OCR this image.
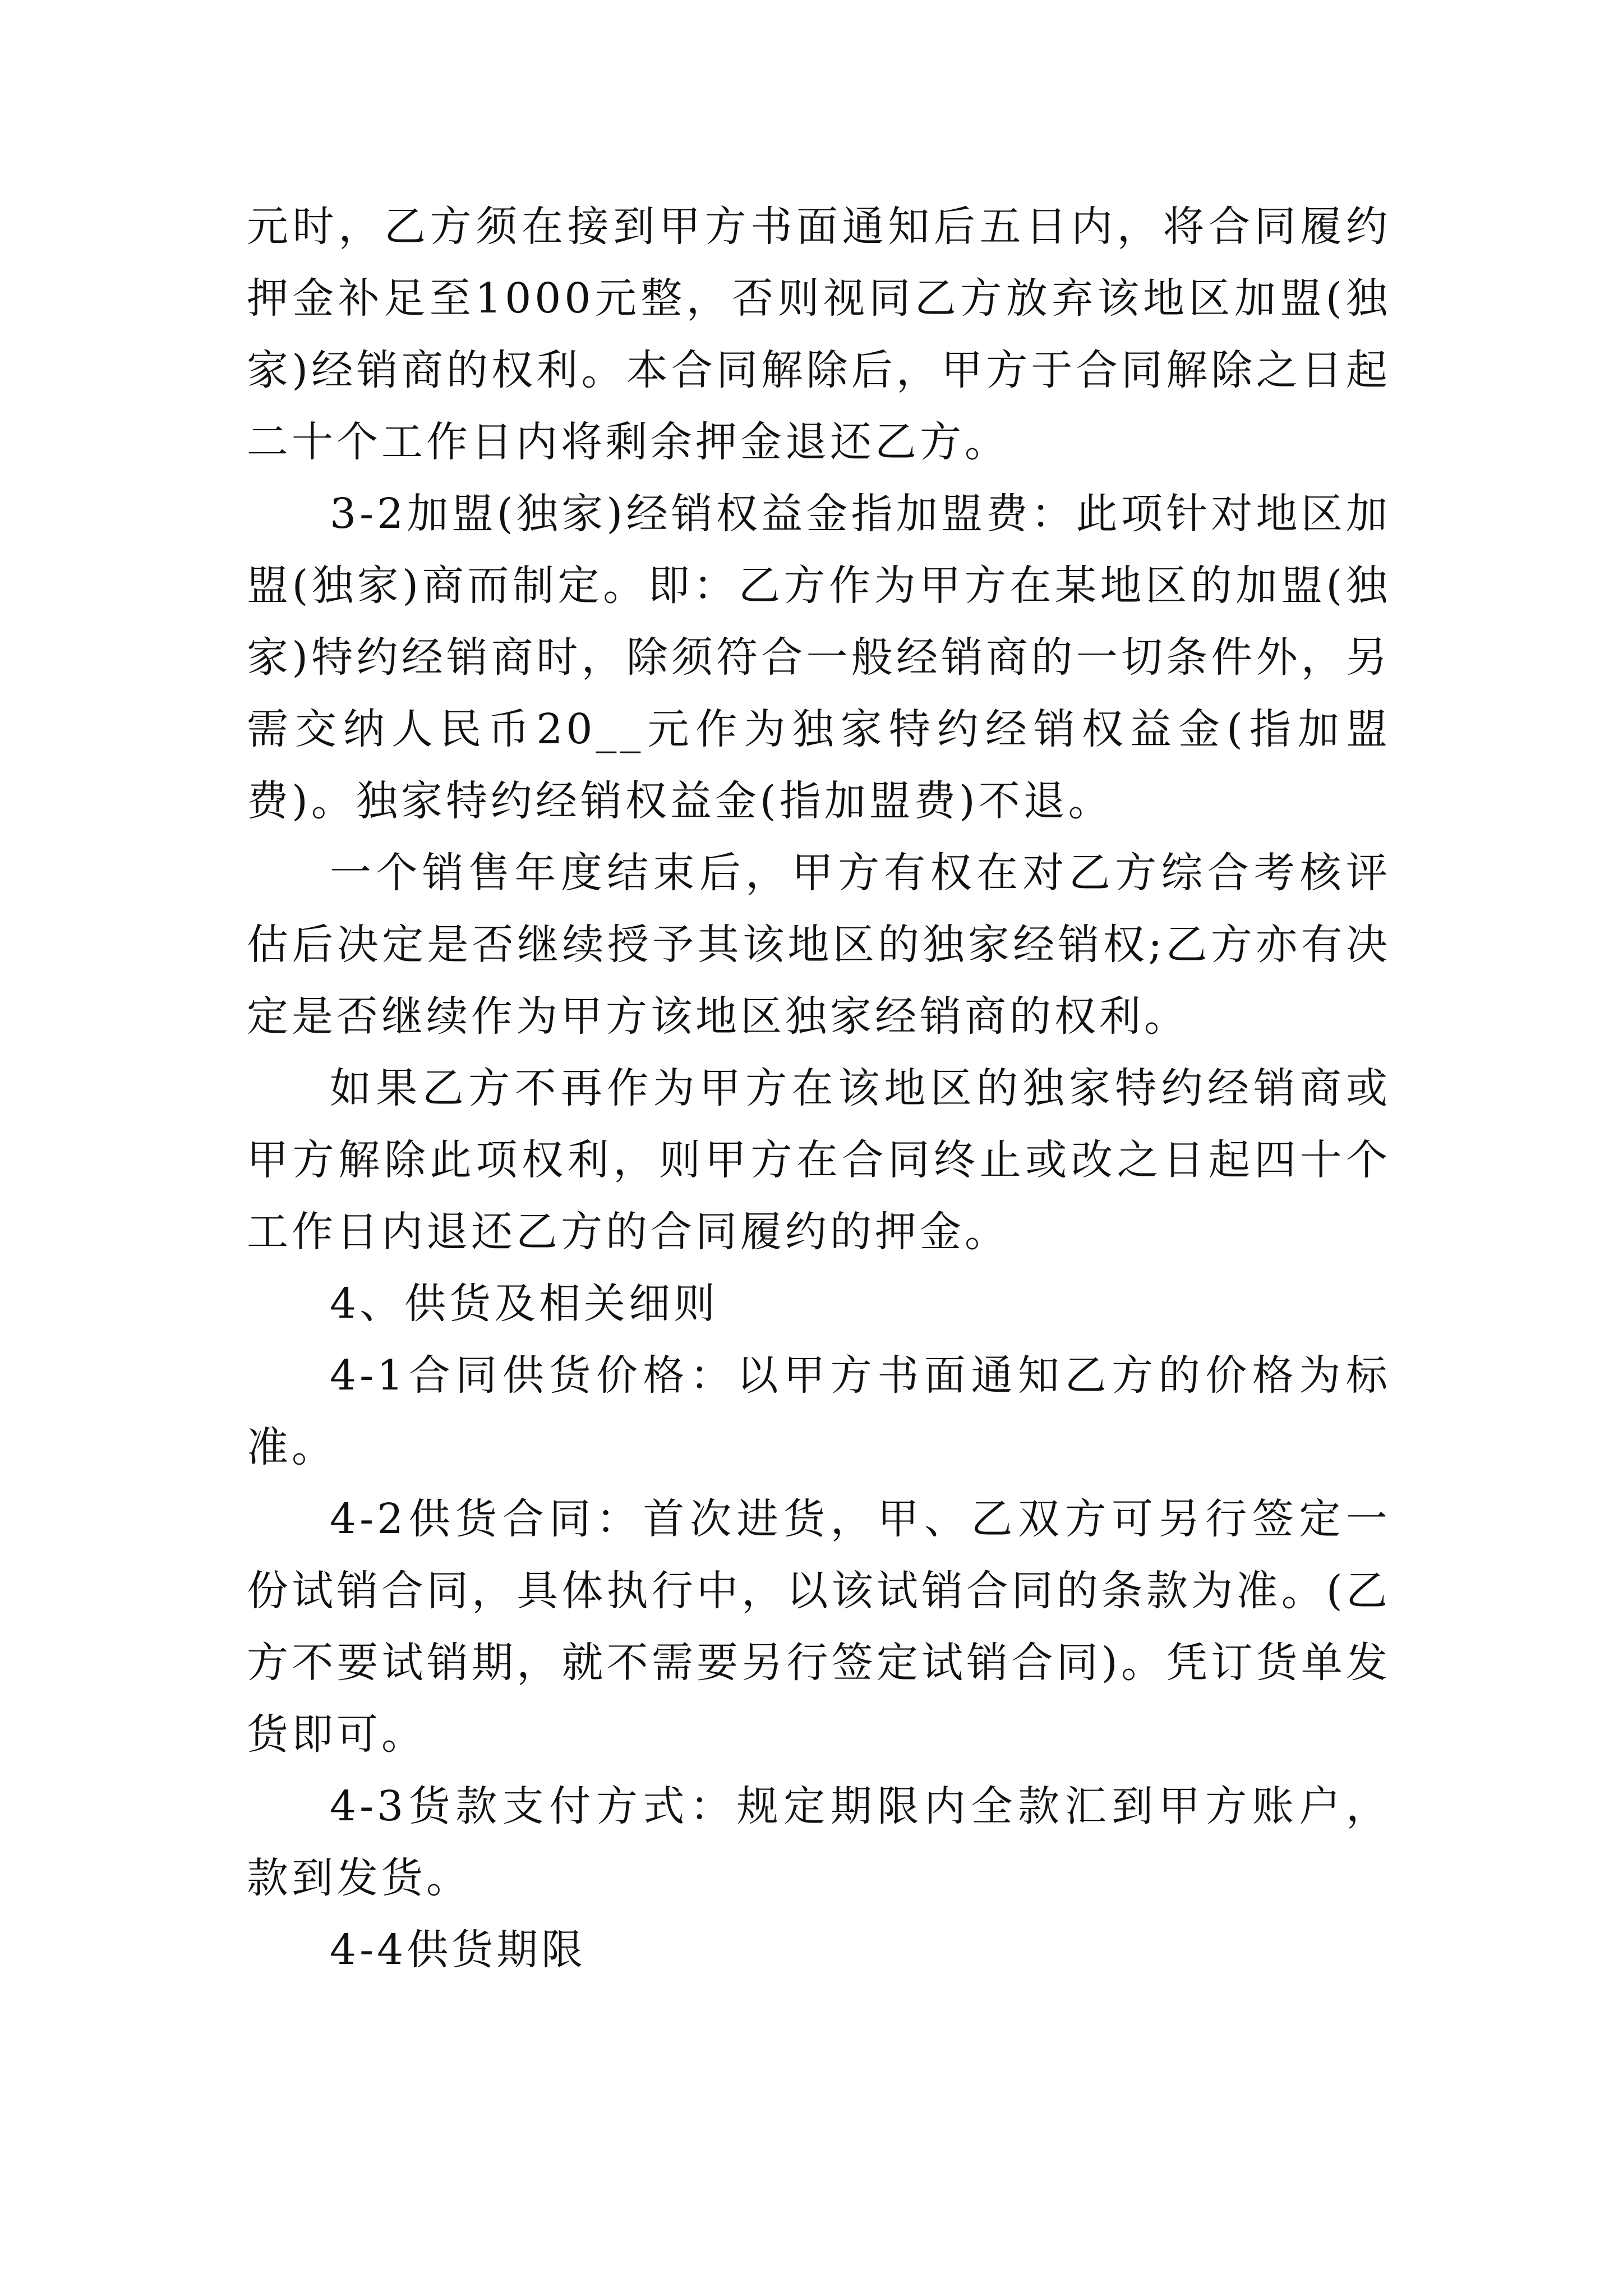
元时，乙方须在接到甲方书面通知后五日内，将合同履约押金补足至1000元整，否则视同乙方放弃该地区加盟(独家)经销商的权利。本合同解除后，甲方于合同解除之日起二十个工作日内将剩余押金退还乙方。

3-2加盟(独家)经销权益金指加盟费：此项针对地区加盟(独家)商而制定。即：乙方作为甲方在某地区的加盟(独家)特约经销商时，除须符合一般经销商的一切条件外，另需交纳人民币20__元作为独家特约经销权益金(指加盟费)。独家特约经销权益金(指加盟费)不退。

一个销售年度结束后，甲方有权在对乙方综合考核评估后决定是否继续授予其该地区的独家经销权;乙方亦有决定是否继续作为甲方该地区独家经销商的权利。

如果乙方不再作为甲方在该地区的独家特约经销商或甲方解除此项权利，则甲方在合同终止或改之日起四十个工作日内退还乙方的合同履约的押金。

4、供货及相关细则

4-1合同供货价格：以甲方书面通知乙方的价格为标准。

4-2供货合同：首次进货，甲、乙双方可另行签定一份试销合同，具体执行中，以该试销合同的条款为准。(乙方不要试销期，就不需要另行签定试销合同)。凭订货单发货即可。

4-3货款支付方式：规定期限内全款汇到甲方账户，款到发货。

4-4供货期限
